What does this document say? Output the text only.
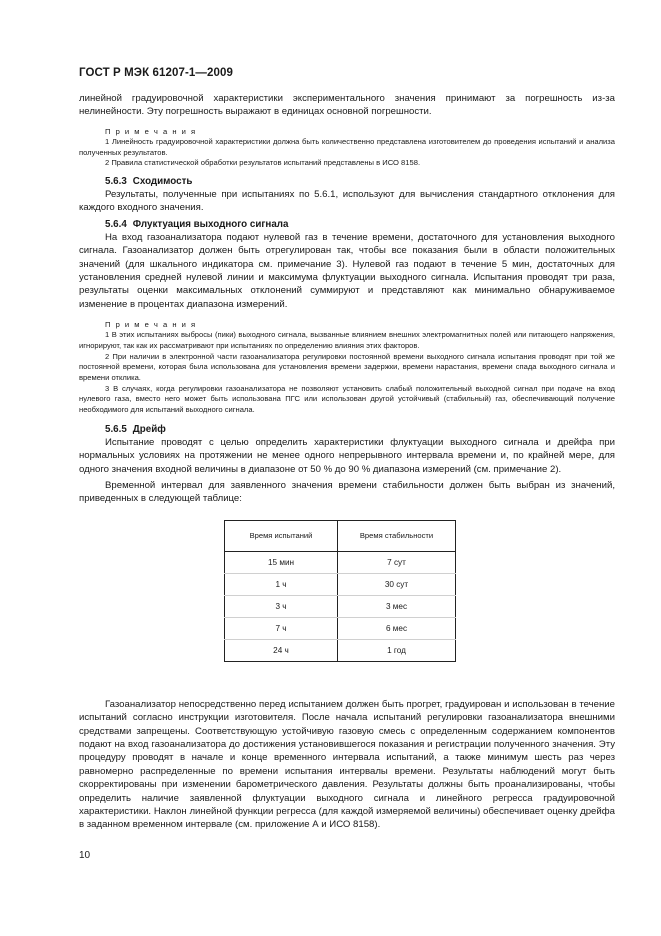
ГОСТ Р МЭК 61207-1—2009

линейной градуировочной характеристики экспериментального значения принимают за погрешность из-за нелинейности. Эту погрешность выражают в единицах основной погрешности.

П р и м е ч а н и я

1 Линейность градуировочной характеристики должна быть количественно представлена изготовителем до проведения испытаний и анализа полученных результатов.

2 Правила статистической обработки результатов испытаний представлены в ИСО 8158.

5.6.3 Сходимость

Результаты, полученные при испытаниях по 5.6.1, используют для вычисления стандартного отклонения для каждого входного значения.

5.6.4 Флуктуация выходного сигнала

На вход газоанализатора подают нулевой газ в течение времени, достаточного для установления выходного сигнала. Газоанализатор должен быть отрегулирован так, чтобы все показания были в области положительных значений (для шкального индикатора см. примечание 3). Нулевой газ подают в течение 5 мин, достаточных для установления средней нулевой линии и максимума флуктуации выходного сигнала. Испытания проводят три раза, результаты оценки максимальных отклонений суммируют и представляют как минимально обнаруживаемое изменение в процентах диапазона измерений.

П р и м е ч а н и я

1 В этих испытаниях выбросы (пики) выходного сигнала, вызванные влиянием внешних электромагнитных полей или питающего напряжения, игнорируют, так как их рассматривают при испытаниях по определению влияния этих факторов.

2 При наличии в электронной части газоанализатора регулировки постоянной времени выходного сигнала испытания проводят при той же постоянной времени, которая была использована для установления времени задержки, времени нарастания, времени спада выходного сигнала и времени отклика.

3 В случаях, когда регулировки газоанализатора не позволяют установить слабый положительный выходной сигнал при подаче на вход нулевого газа, вместо него может быть использована ПГС или использован другой устойчивый (стабильный) газ, обеспечивающий получение необходимого для испытаний выходного сигнала.

5.6.5 Дрейф

Испытание проводят с целью определить характеристики флуктуации выходного сигнала и дрейфа при нормальных условиях на протяжении не менее одного непрерывного интервала времени и, по крайней мере, для одного значения входной величины в диапазоне от 50 % до 90 % диапазона измерений (см. примечание 2).

Временной интервал для заявленного значения времени стабильности должен быть выбран из значений, приведенных в следующей таблице:

Время испытаний	Время стабильности
15 мин	7 сут
1 ч	30 сут
3 ч	3 мес
7 ч	6 мес
24 ч	1 год

Газоанализатор непосредственно перед испытанием должен быть прогрет, градуирован и использован в течение испытаний согласно инструкции изготовителя. После начала испытаний регулировки газоанализатора внешними средствами запрещены. Соответствующую устойчивую газовую смесь с определенным содержанием компонентов подают на вход газоанализатора до достижения установившегося показания и регистрации полученного значения. Эту процедуру проводят в начале и конце временного интервала испытаний, а также минимум шесть раз через равномерно распределенные по времени испытания интервалы времени. Результаты наблюдений могут быть скорректированы при изменении барометрического давления. Результаты должны быть проанализированы, чтобы определить наличие заявленной флуктуации выходного сигнала и линейного регресса градуировочной характеристики. Наклон линейной функции регресса (для каждой измеряемой величины) обеспечивает оценку дрейфа в заданном временном интервале (см. приложение А и ИСО 8158).

10
